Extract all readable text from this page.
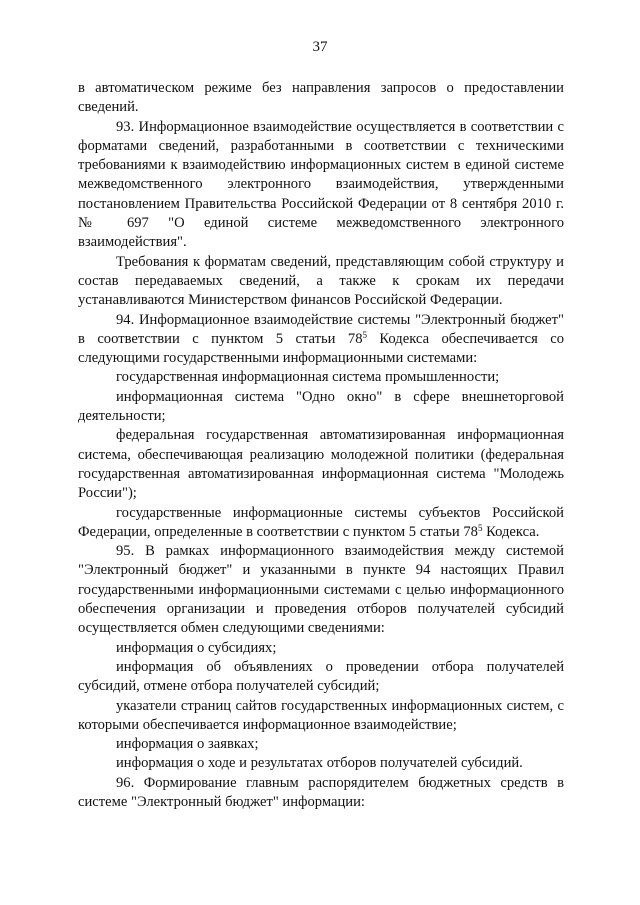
37

в автоматическом режиме без направления запросов о предоставлении сведений.

93. Информационное взаимодействие осуществляется в соответствии с форматами сведений, разработанными в соответствии с техническими требованиями к взаимодействию информационных систем в единой системе межведомственного электронного взаимодействия, утвержденными постановлением Правительства Российской Федерации от 8 сентября 2010 г. № 697 "О единой системе межведомственного электронного взаимодействия".

Требования к форматам сведений, представляющим собой структуру и состав передаваемых сведений, а также к срокам их передачи устанавливаются Министерством финансов Российской Федерации.

94. Информационное взаимодействие системы "Электронный бюджет" в соответствии с пунктом 5 статьи $78^5$ Кодекса обеспечивается со следующими государственными информационными системами:

государственная информационная система промышленности;

информационная система "Одно окно" в сфере внешнеторговой деятельности;

федеральная государственная автоматизированная информационная система, обеспечивающая реализацию молодежной политики (федеральная государственная автоматизированная информационная система "Молодежь России");

государственные информационные системы субъектов Российской Федерации, определенные в соответствии с пунктом 5 статьи $78^5$ Кодекса.

95. В рамках информационного взаимодействия между системой "Электронный бюджет" и указанными в пункте 94 настоящих Правил государственными информационными системами с целью информационного обеспечения организации и проведения отборов получателей субсидий осуществляется обмен следующими сведениями:

информация о субсидиях;

информация об объявлениях о проведении отбора получателей субсидий, отмене отбора получателей субсидий;

указатели страниц сайтов государственных информационных систем, с которыми обеспечивается информационное взаимодействие;

информация о заявках;

информация о ходе и результатах отборов получателей субсидий.

96. Формирование главным распорядителем бюджетных средств в системе "Электронный бюджет" информации:
